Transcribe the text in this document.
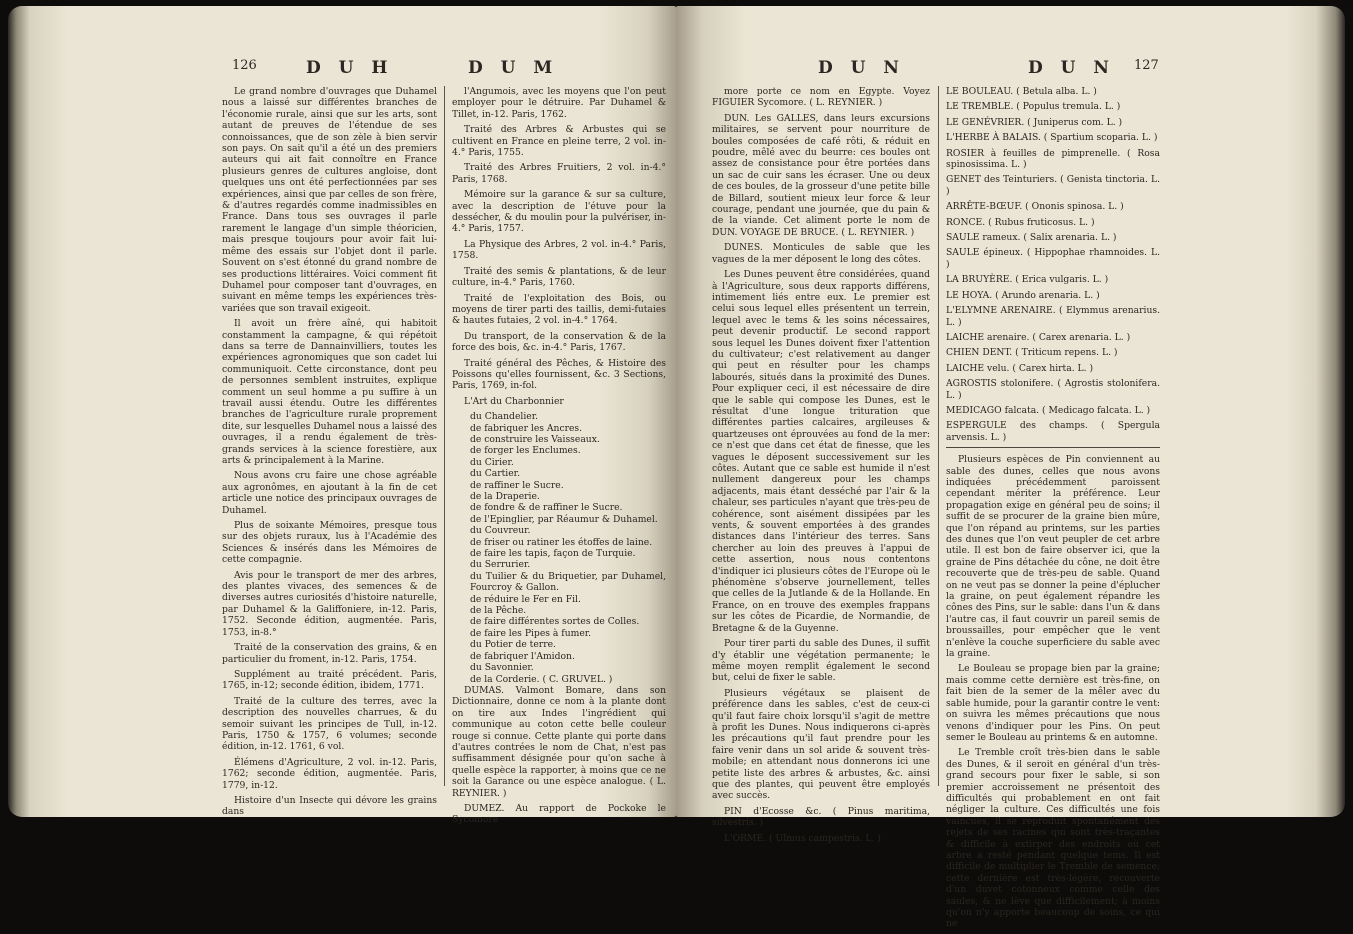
126	D U H	D U M

Le grand nombre d'ouvrages que Duhamel nous a laissé sur différentes branches de l'économie rurale, ainsi que sur les arts, sont autant de preuves de l'étendue de ses connoissances, que de son zèle à bien servir son pays. On sait qu'il a été un des premiers auteurs qui ait fait connoître en France plusieurs genres de cultures angloise, dont quelques uns ont été perfectionnées par ses expériences, ainsi que par celles de son frère, & d'autres regardés comme inadmissibles en France. Dans tous ses ouvrages il parle rarement le langage d'un simple théoricien, mais presque toujours pour avoir fait lui-même des essais sur l'objet dont il parle. Souvent on s'est étonné du grand nombre de ses productions littéraires. Voici comment fit Duhamel pour composer tant d'ouvrages, en suivant en même temps les expériences très-variées que son travail exigeoit.

Il avoit un frère aîné, qui habitoit constamment la campagne, & qui répétoit dans sa terre de Dannainvilliers, toutes les expériences agronomiques que son cadet lui communiquoit. Cette circonstance, dont peu de personnes semblent instruites, explique comment un seul homme a pu suffire à un travail aussi étendu. Outre les différentes branches de l'agriculture rurale proprement dite, sur lesquelles Duhamel nous a laissé des ouvrages, il a rendu également de très-grands services à la science forestière, aux arts & principalement à la Marine.

Nous avons cru faire une chose agréable aux agronômes, en ajoutant à la fin de cet article une notice des principaux ouvrages de Duhamel.

Plus de soixante Mémoires, presque tous sur des objets ruraux, lus à l'Académie des Sciences & insérés dans les Mémoires de cette compagnie.

Avis pour le transport de mer des arbres, des plantes vivaces, des semences & de diverses autres curiosités d'histoire naturelle, par Duhamel & la Galiffoniere, in-12. Paris, 1752. Seconde édition, augmentée. Paris, 1753, in-8.°

Traité de la conservation des grains, & en particulier du froment, in-12. Paris, 1754.

Supplément au traité précédent. Paris, 1765, in-12; seconde édition, ibidem, 1771.

Traité de la culture des terres, avec la description des nouvelles charrues, & du semoir suivant les principes de Tull, in-12. Paris, 1750 & 1757, 6 volumes; seconde édition, in-12. 1761, 6 vol.

Élémens d'Agriculture, 2 vol. in-12. Paris, 1762; seconde édition, augmentée. Paris, 1779, in-12.

Histoire d'un Insecte qui dévore les grains dans

l'Angumois, avec les moyens que l'on peut employer pour le détruire. Par Duhamel & Tillet, in-12. Paris, 1762.

Traité des Arbres & Arbustes qui se cultivent en France en pleine terre, 2 vol. in-4.° Paris, 1755.

Traité des Arbres Fruitiers, 2 vol. in-4.° Paris, 1768.

Mémoire sur la garance & sur sa culture, avec la description de l'étuve pour la dessécher, & du moulin pour la pulvériser, in-4.° Paris, 1757.

La Physique des Arbres, 2 vol. in-4.° Paris, 1758.

Traité des semis & plantations, & de leur culture, in-4.° Paris, 1760.

Traité de l'exploitation des Bois, ou moyens de tirer parti des taillis, demi-futaies & hautes futaies, 2 vol. in-4.° 1764.

Du transport, de la conservation & de la force des bois, &c. in-4.° Paris, 1767.

Traité général des Pêches, & Histoire des Poissons qu'elles fournissent, &c. 3 Sections, Paris, 1769, in-fol.

L'Art du Charbonnier

du Chandelier.

de fabriquer les Ancres.

de construire les Vaisseaux.

de forger les Enclumes.

du Cirier.

du Cartier.

de raffiner le Sucre.

de la Draperie.

de fondre & de raffiner le Sucre.

de l'Epinglier, par Réaumur & Duhamel.

du Couvreur.

de friser ou ratiner les étoffes de laine.

de faire les tapis, façon de Turquie.

du Serrurier.

du Tuilier & du Briquetier, par Duhamel, Fourcroy & Gallon.

de réduire le Fer en Fil.

de la Pêche.

de faire différentes sortes de Colles.

de faire les Pipes à fumer.

du Potier de terre.

de fabriquer l'Amidon.

du Savonnier.

de la Corderie. ( C. GRUVEL. )

DUMAS. Valmont Bomare, dans son Dictionnaire, donne ce nom à la plante dont on tire aux Indes l'ingrédient qui communique au coton cette belle couleur rouge si connue. Cette plante qui porte dans d'autres contrées le nom de Chat, n'est pas suffisamment désignée pour qu'on sache à quelle espèce la rapporter, à moins que ce ne soit la Garance ou une espèce analogue. ( L. REYNIER. )

DUMEZ. Au rapport de Pockoke le Sycomore

D U N	D U N 127

more porte ce nom en Egypte. Voyez FIGUIER Sycomore. ( L. REYNIER. )

DUN. Les GALLES, dans leurs excursions militaires, se servent pour nourriture de boules composées de café rôti, & réduit en poudre, mêlé avec du beurre: ces boules ont assez de consistance pour être portées dans un sac de cuir sans les écraser. Une ou deux de ces boules, de la grosseur d'une petite bille de Billard, soutient mieux leur force & leur courage, pendant une journée, que du pain & de la viande. Cet aliment porte le nom de DUN. VOYAGE DE BRUCE. ( L. REYNIER. )

DUNES. Monticules de sable que les vagues de la mer déposent le long des côtes.

Les Dunes peuvent être considérées, quand à l'Agriculture, sous deux rapports différens, intimement liés entre eux. Le premier est celui sous lequel elles présentent un terrein, lequel avec le tems & les soins nécessaires, peut devenir productif. Le second rapport sous lequel les Dunes doivent fixer l'attention du cultivateur; c'est relativement au danger qui peut en résulter pour les champs labourés, situés dans la proximité des Dunes. Pour expliquer ceci, il est nécessaire de dire que le sable qui compose les Dunes, est le résultat d'une longue trituration que différentes parties calcaires, argileuses & quartzeuses ont éprouvées au fond de la mer: ce n'est que dans cet état de finesse, que les vagues le déposent successivement sur les côtes. Autant que ce sable est humide il n'est nullement dangereux pour les champs adjacents, mais étant desséché par l'air & la chaleur, ses particules n'ayant que très-peu de cohérence, sont aisément dissipées par les vents, & souvent emportées à des grandes distances dans l'intérieur des terres. Sans chercher au loin des preuves à l'appui de cette assertion, nous nous contentons d'indiquer ici plusieurs côtes de l'Europe où le phénomène s'observe journellement, telles que celles de la Jutlande & de la Hollande. En France, on en trouve des exemples frappans sur les côtes de Picardie, de Normandie, de Bretagne & de la Guyenne.

Pour tirer parti du sable des Dunes, il suffit d'y établir une végétation permanente; le même moyen remplit également le second but, celui de fixer le sable.

Plusieurs végétaux se plaisent de préférence dans les sables, c'est de ceux-ci qu'il faut faire choix lorsqu'il s'agit de mettre à profit les Dunes. Nous indiquerons ci-après les précautions qu'il faut prendre pour les faire venir dans un sol aride & souvent très-mobile; en attendant nous donnerons ici une petite liste des arbres & arbustes, &c. ainsi que des plantes, qui peuvent être employés avec succès.

PIN d'Ecosse &c. ( Pinus maritima, silvestris. )

L'ORME. ( Ulmus campestris. L. )

LE BOULEAU. ( Betula alba. L. )

LE TREMBLE. ( Populus tremula. L. )

LE GENÉVRIER. ( Juniperus com. L. )

L'HERBE À BALAIS. ( Spartium scoparia. L. )

ROSIER à feuilles de pimprenelle. ( Rosa spinosissima. L. )

GENET des Teinturiers. ( Genista tinctoria. L. )

ARRÊTE-BŒUF. ( Ononis spinosa. L. )

RONCE. ( Rubus fruticosus. L. )

SAULE rameux. ( Salix arenaria. L. )

SAULE épineux. ( Hippophae rhamnoides. L. )

LA BRUYÈRE. ( Erica vulgaris. L. )

LE HOYA. ( Arundo arenaria. L. )

L'ELYMNE ARENAIRE. ( Elymmus arenarius. L. )

LAICHE arenaire. ( Carex arenaria. L. )

CHIEN DENT. ( Triticum repens. L. )

LAICHE velu. ( Carex hirta. L. )

AGROSTIS stolonifere. ( Agrostis stolonifera. L. )

MEDICAGO falcata. ( Medicago falcata. L. )

ESPERGULE des champs. ( Spergula arvensis. L. )

Plusieurs espèces de Pin conviennent au sable des dunes, celles que nous avons indiquées précédemment paroissent cependant mériter la préférence. Leur propagation exige en général peu de soins; il suffit de se procurer de la graine bien mûre, que l'on répand au printems, sur les parties des dunes que l'on veut peupler de cet arbre utile. Il est bon de faire observer ici, que la graine de Pins détachée du cône, ne doit être recouverte que de très-peu de sable. Quand on ne veut pas se donner la peine d'éplucher la graine, on peut également répandre les cônes des Pins, sur le sable: dans l'un & dans l'autre cas, il faut couvrir un pareil semis de broussailles, pour empêcher que le vent n'enlève la couche superficiere du sable avec la graine.

Le Bouleau se propage bien par la graine; mais comme cette dernière est très-fine, on fait bien de la semer de la mêler avec du sable humide, pour la garantir contre le vent: on suivra les mêmes précautions que nous venons d'indiquer pour les Pins. On peut semer le Bouleau au printems & en automne.

Le Tremble croît très-bien dans le sable des Dunes, & il seroit en général d'un très-grand secours pour fixer le sable, si son premier accroissement ne présentoit des difficultés qui probablement en ont fait négliger la culture. Ces difficultés une fois vaincues, il se reproduit spontanément des rejets de ses racines qui sont très-traçantes & difficile à extirper des endroits où cet arbre a resté pendant quelque tems. Il est difficile de multiplier le Tremble de semence; cette dernière est très-légère, recouverte d'un duvet cotonneux comme celle des saules, & ne lève que difficilement; à moins qu'on n'y apporte beaucoup de soins, ce qui ne
